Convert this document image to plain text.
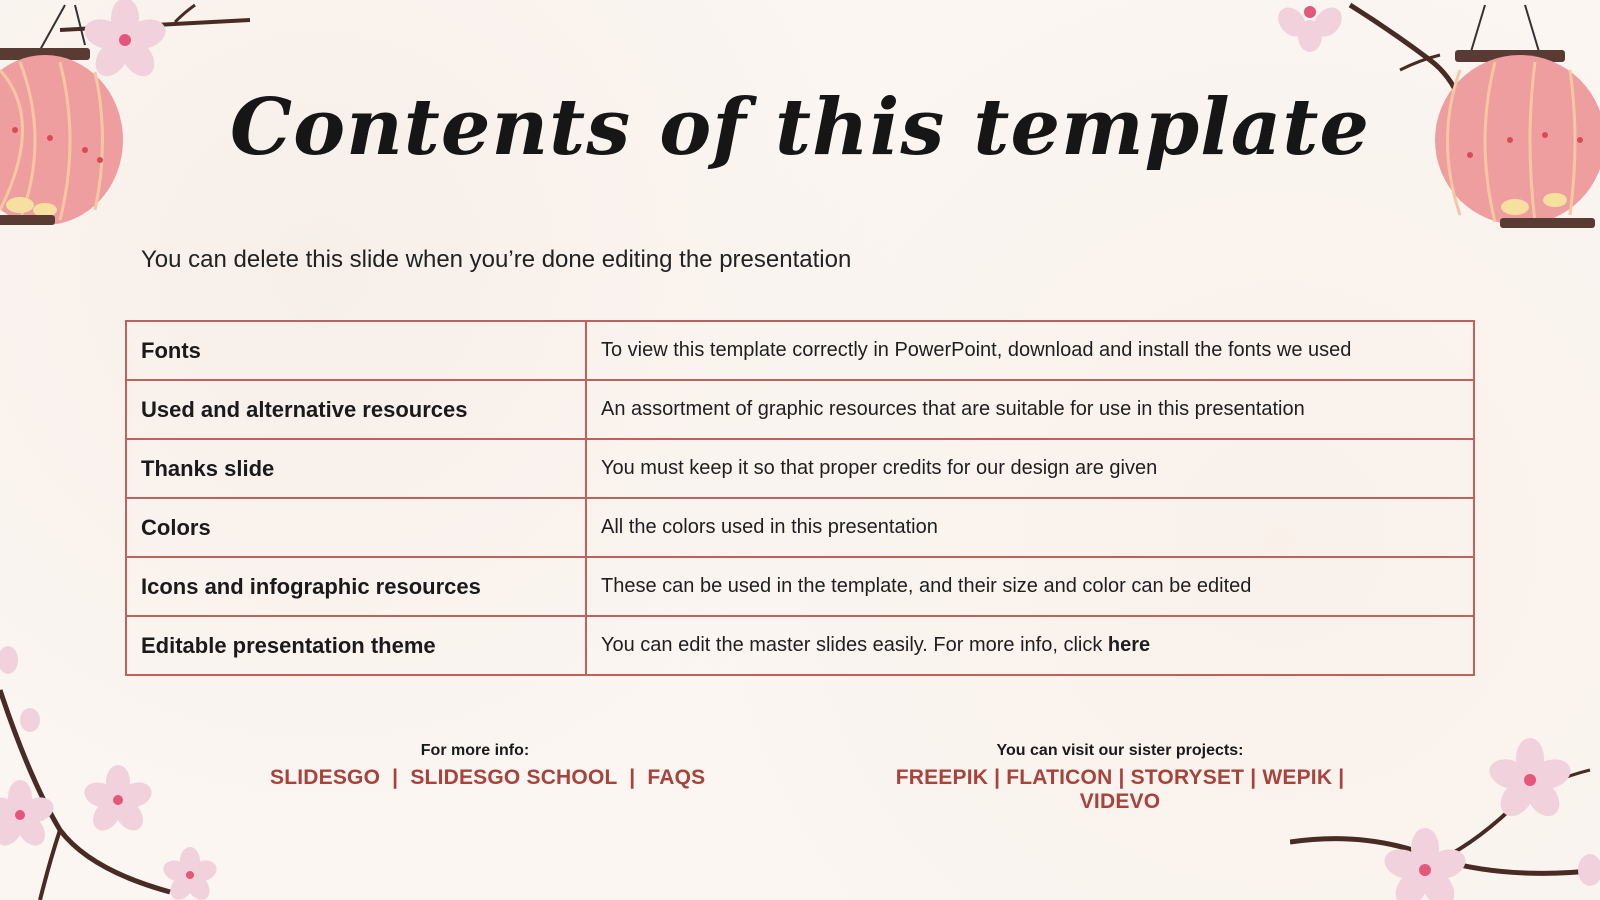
Contents of this template
You can delete this slide when you’re done editing the presentation
Fonts	To view this template correctly in PowerPoint, download and install the fonts we used
Used and alternative resources	An assortment of graphic resources that are suitable for use in this presentation
Thanks slide	You must keep it so that proper credits for our design are given
Colors	All the colors used in this presentation
Icons and infographic resources	These can be used in the template, and their size and color can be edited
Editable presentation theme	You can edit the master slides easily. For more info, click here
For more info:
SLIDESGO  |  SLIDESGO SCHOOL  |  FAQS
You can visit our sister projects:
FREEPIK | FLATICON | STORYSET | WEPIK | VIDEVO
